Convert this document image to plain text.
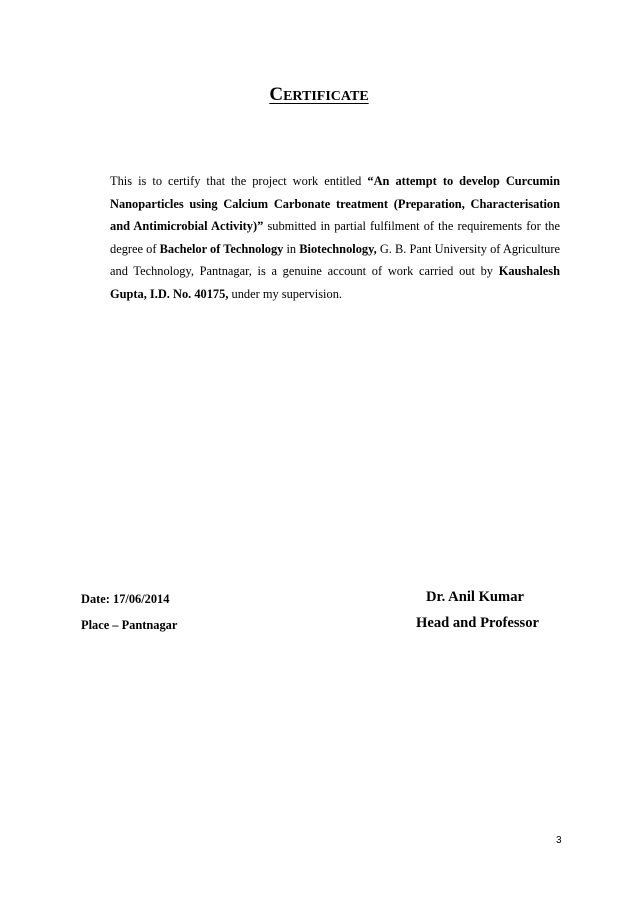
CERTIFICATE
This is to certify that the project work entitled “An attempt to develop Curcumin Nanoparticles using Calcium Carbonate treatment (Preparation, Characterisation and Antimicrobial Activity)” submitted in partial fulfilment of the requirements for the degree of Bachelor of Technology in Biotechnology, G. B. Pant University of Agriculture and Technology, Pantnagar, is a genuine account of work carried out by Kaushalesh Gupta, I.D. No. 40175, under my supervision.
Date: 17/06/2014
Place – Pantnagar
Dr. Anil Kumar
Head and Professor
3
